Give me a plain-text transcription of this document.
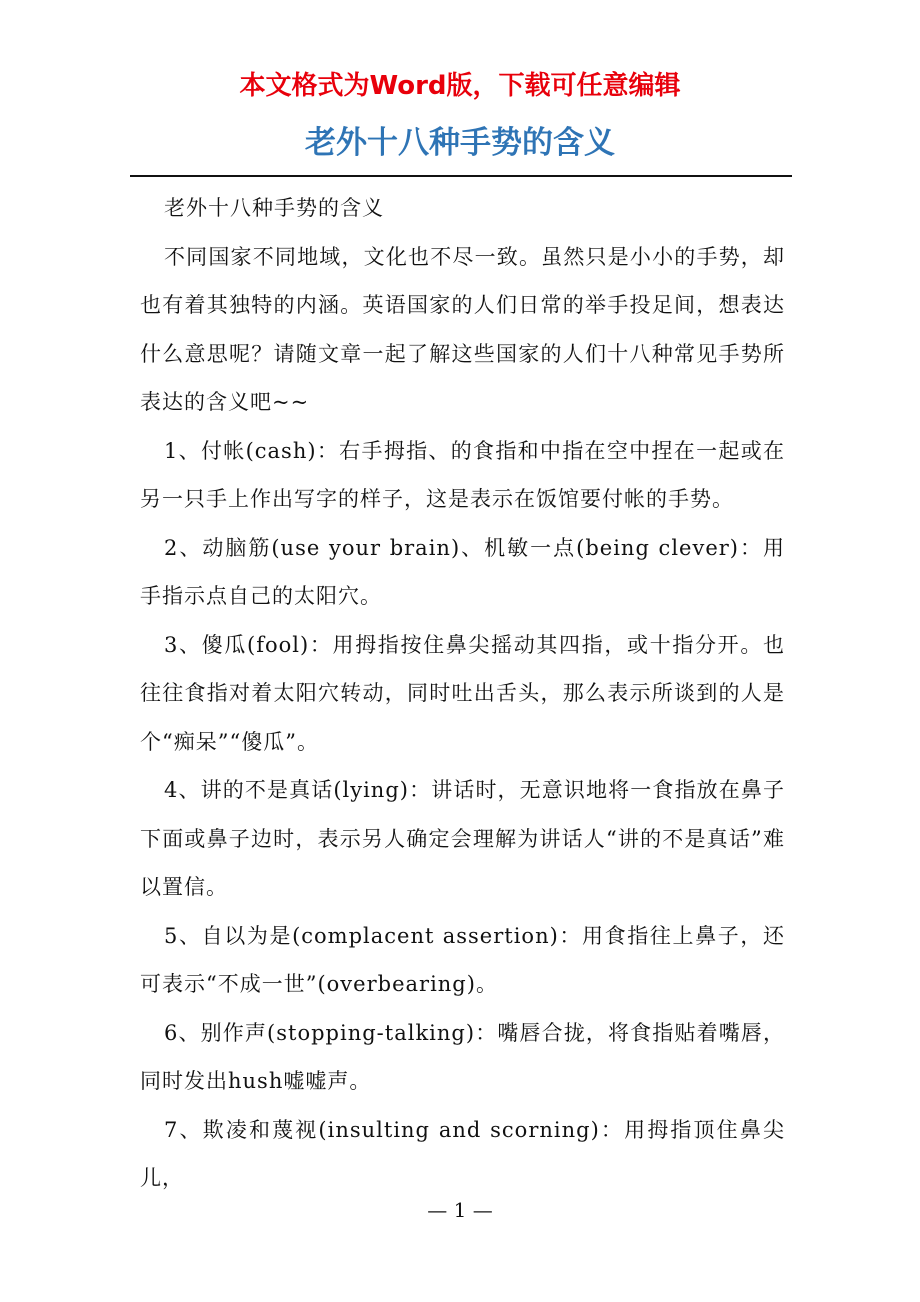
本文格式为Word版，下载可任意编辑
老外十八种手势的含义

老外十八种手势的含义

不同国家不同地域，文化也不尽一致。虽然只是小小的手势，却也有着其独特的内涵。英语国家的人们日常的举手投足间，想表达什么意思呢？请随文章一起了解这些国家的人们十八种常见手势所表达的含义吧~~

1、付帐(cash)：右手拇指、的食指和中指在空中捏在一起或在另一只手上作出写字的样子，这是表示在饭馆要付帐的手势。

2、动脑筋(use your brain)、机敏一点(being clever)：用手指示点自己的太阳穴。

3、傻瓜(fool)：用拇指按住鼻尖摇动其四指，或十指分开。也往往食指对着太阳穴转动，同时吐出舌头，那么表示所谈到的人是个“痴呆”“傻瓜”。

4、讲的不是真话(lying)：讲话时，无意识地将一食指放在鼻子下面或鼻子边时，表示另人确定会理解为讲话人“讲的不是真话”难以置信。

5、自以为是(complacent assertion)：用食指往上鼻子，还可表示“不成一世”(overbearing)。

6、别作声(stopping-talking)：嘴唇合拢，将食指贴着嘴唇，同时发出hush嘘嘘声。

7、欺凌和蔑视(insulting and scorning)：用拇指顶住鼻尖儿，

— 1 —
